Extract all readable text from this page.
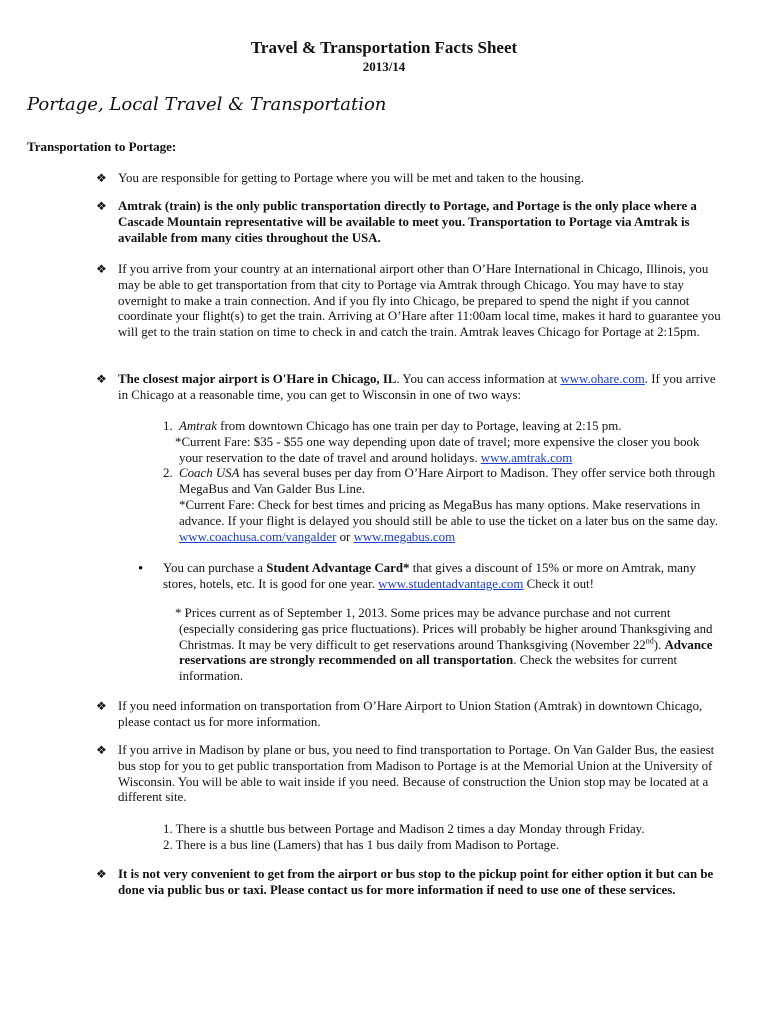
Travel & Transportation Facts Sheet
2013/14
Portage, Local Travel & Transportation
Transportation to Portage:
❖ You are responsible for getting to Portage where you will be met and taken to the housing.
❖ Amtrak (train) is the only public transportation directly to Portage, and Portage is the only place where a Cascade Mountain representative will be available to meet you. Transportation to Portage via Amtrak is available from many cities throughout the USA.
❖ If you arrive from your country at an international airport other than O’Hare International in Chicago, Illinois, you may be able to get transportation from that city to Portage via Amtrak through Chicago. You may have to stay overnight to make a train connection. And if you fly into Chicago, be prepared to spend the night if you cannot coordinate your flight(s) to get the train. Arriving at O’Hare after 11:00am local time, makes it hard to guarantee you will get to the train station on time to check in and catch the train. Amtrak leaves Chicago for Portage at 2:15pm.
❖ The closest major airport is O'Hare in Chicago, IL. You can access information at www.ohare.com. If you arrive in Chicago at a reasonable time, you can get to Wisconsin in one of two ways:
1. Amtrak from downtown Chicago has one train per day to Portage, leaving at 2:15 pm.
*Current Fare: $35 - $55 one way depending upon date of travel; more expensive the closer you book your reservation to the date of travel and around holidays. www.amtrak.com
2. Coach USA has several buses per day from O’Hare Airport to Madison. They offer service both through MegaBus and Van Galder Bus Line.
*Current Fare: Check for best times and pricing as MegaBus has many options. Make reservations in advance. If your flight is delayed you should still be able to use the ticket on a later bus on the same day. www.coachusa.com/vangalder or www.megabus.com
• You can purchase a Student Advantage Card* that gives a discount of 15% or more on Amtrak, many stores, hotels, etc. It is good for one year. www.studentadvantage.com Check it out!
* Prices current as of September 1, 2013. Some prices may be advance purchase and not current (especially considering gas price fluctuations). Prices will probably be higher around Thanksgiving and Christmas. It may be very difficult to get reservations around Thanksgiving (November 22nd). Advance reservations are strongly recommended on all transportation. Check the websites for current information.
❖ If you need information on transportation from O’Hare Airport to Union Station (Amtrak) in downtown Chicago, please contact us for more information.
❖ If you arrive in Madison by plane or bus, you need to find transportation to Portage. On Van Galder Bus, the easiest bus stop for you to get public transportation from Madison to Portage is at the Memorial Union at the University of Wisconsin. You will be able to wait inside if you need. Because of construction the Union stop may be located at a different site.
1. There is a shuttle bus between Portage and Madison 2 times a day Monday through Friday.
2. There is a bus line (Lamers) that has 1 bus daily from Madison to Portage.
❖ It is not very convenient to get from the airport or bus stop to the pickup point for either option it but can be done via public bus or taxi. Please contact us for more information if need to use one of these services.
